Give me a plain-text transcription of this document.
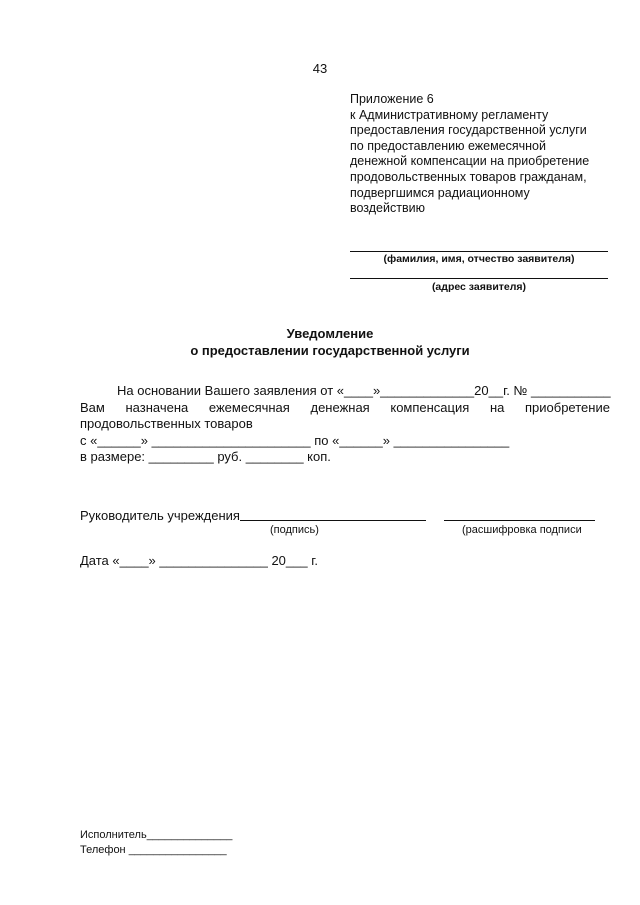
43
Приложение 6
к Административному регламенту
предоставления государственной услуги
по предоставлению ежемесячной
денежной компенсации на приобретение
продовольственных товаров гражданам,
подвергшимся радиационному
воздействию
(фамилия, имя, отчество заявителя)
(адрес заявителя)
Уведомление
о предоставлении государственной услуги
На основании Вашего заявления от «____»_____________20__г. № ___________
Вам назначена ежемесячная денежная компенсация на приобретение
продовольственных товаров
с «______» ______________________ по «______» ________________
в размере: _________ руб. ________ коп.
Руководитель учреждения
(подпись)	(расшифровка подписи
Дата «____» _______________ 20___ г.
Исполнитель______________
Телефон ________________
